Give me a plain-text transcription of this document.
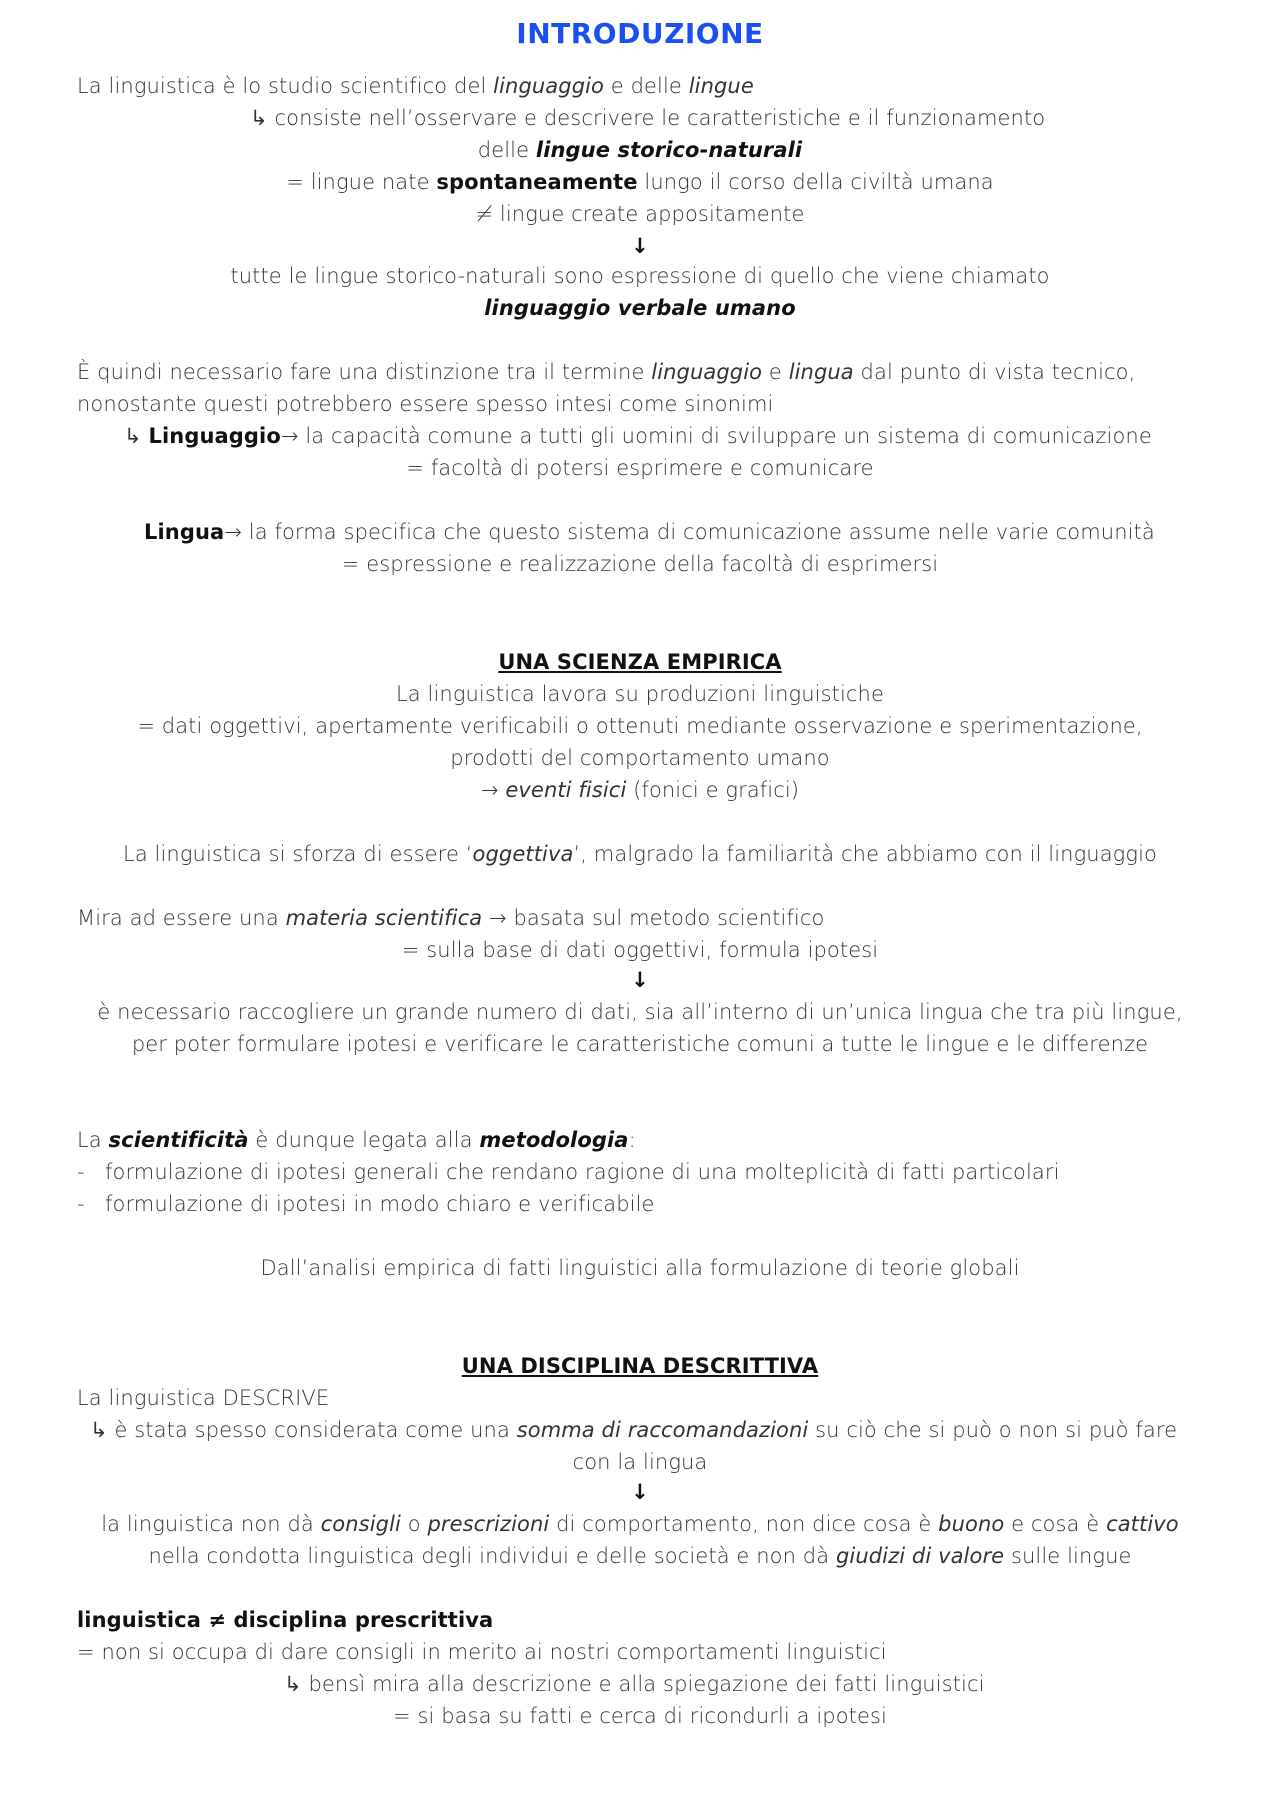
INTRODUZIONE
La linguistica è lo studio scientifico del linguaggio e delle lingue
↳ consiste nell’osservare e descrivere le caratteristiche e il funzionamento
delle lingue storico-naturali
= lingue nate spontaneamente lungo il corso della civiltà umana
≠ lingue create appositamente
↓
tutte le lingue storico-naturali sono espressione di quello che viene chiamato
linguaggio verbale umano
È quindi necessario fare una distinzione tra il termine linguaggio e lingua dal punto di vista tecnico,
nonostante questi potrebbero essere spesso intesi come sinonimi
↳ Linguaggio→ la capacità comune a tutti gli uomini di sviluppare un sistema di comunicazione
= facoltà di potersi esprimere e comunicare
Lingua→ la forma specifica che questo sistema di comunicazione assume nelle varie comunità
= espressione e realizzazione della facoltà di esprimersi
UNA SCIENZA EMPIRICA
La linguistica lavora su produzioni linguistiche
= dati oggettivi, apertamente verificabili o ottenuti mediante osservazione e sperimentazione,
prodotti del comportamento umano
→ eventi fisici (fonici e grafici)
La linguistica si sforza di essere ‘oggettiva’, malgrado la familiarità che abbiamo con il linguaggio
Mira ad essere una materia scientifica → basata sul metodo scientifico
= sulla base di dati oggettivi, formula ipotesi
↓
è necessario raccogliere un grande numero di dati, sia all’interno di un’unica lingua che tra più lingue,
per poter formulare ipotesi e verificare le caratteristiche comuni a tutte le lingue e le differenze
La scientificità è dunque legata alla metodologia:
- formulazione di ipotesi generali che rendano ragione di una molteplicità di fatti particolari
- formulazione di ipotesi in modo chiaro e verificabile
Dall’analisi empirica di fatti linguistici alla formulazione di teorie globali
UNA DISCIPLINA DESCRITTIVA
La linguistica DESCRIVE
↳ è stata spesso considerata come una somma di raccomandazioni su ciò che si può o non si può fare
con la lingua
↓
la linguistica non dà consigli o prescrizioni di comportamento, non dice cosa è buono e cosa è cattivo
nella condotta linguistica degli individui e delle società e non dà giudizi di valore sulle lingue
linguistica ≠ disciplina prescrittiva
= non si occupa di dare consigli in merito ai nostri comportamenti linguistici
↳ bensì mira alla descrizione e alla spiegazione dei fatti linguistici
= si basa su fatti e cerca di ricondurli a ipotesi
